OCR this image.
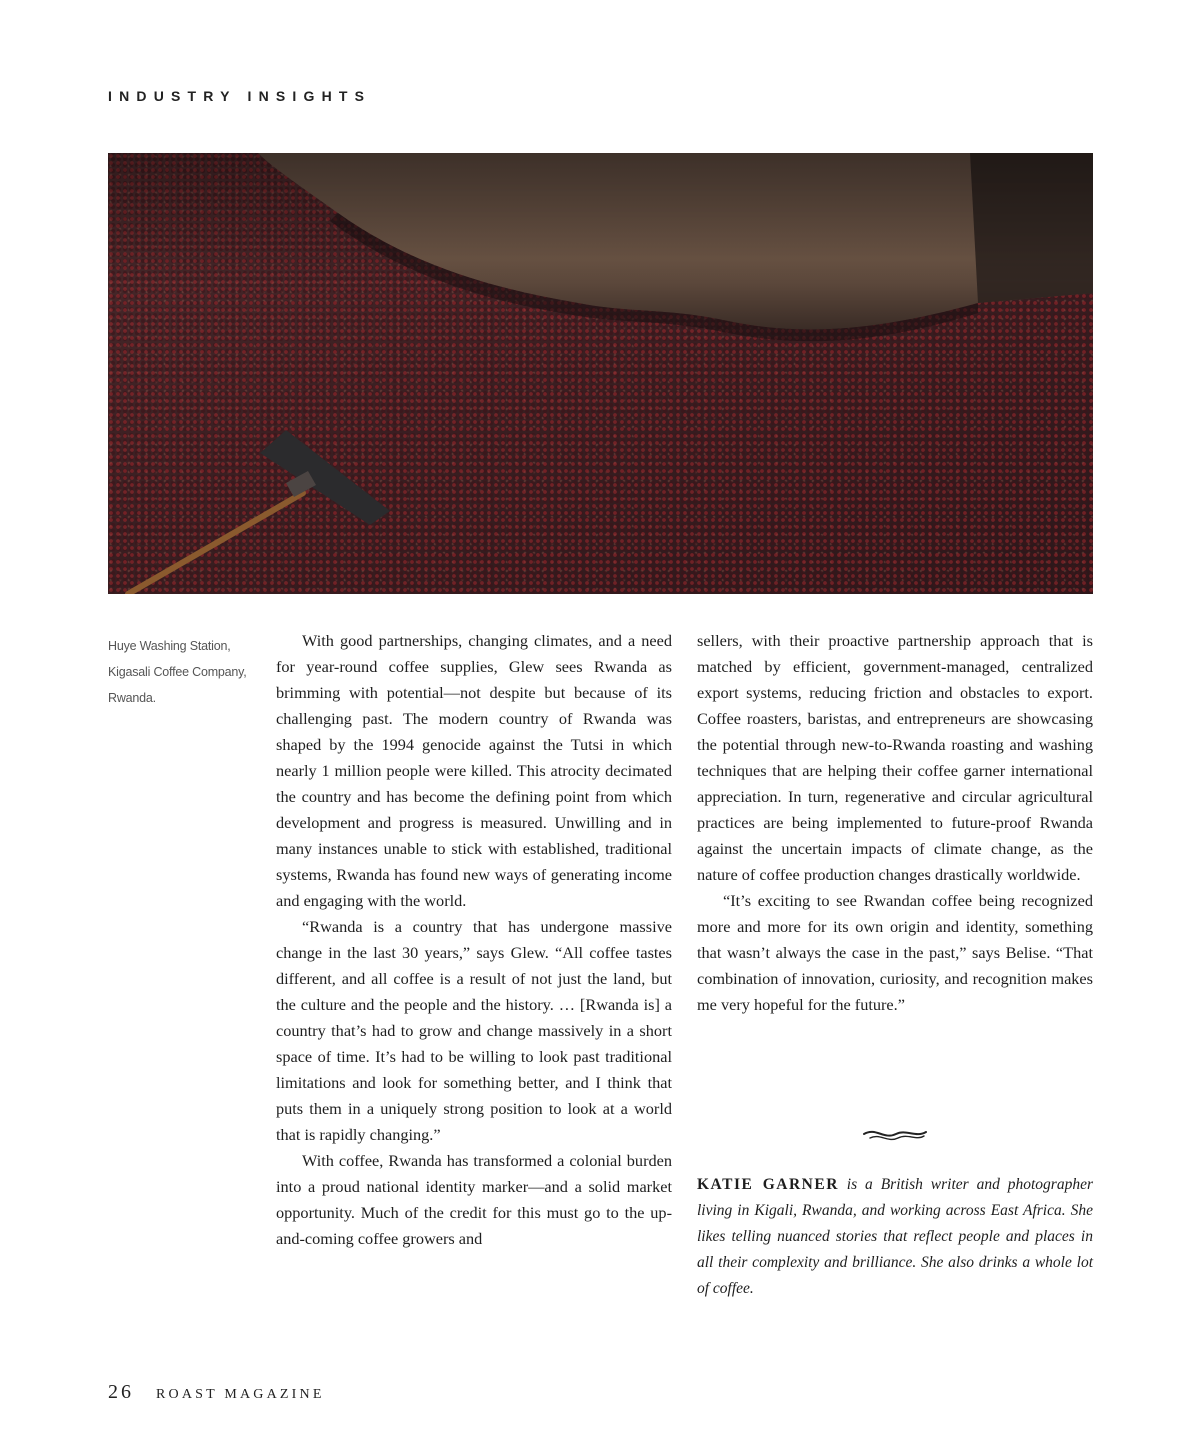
INDUSTRY INSIGHTS
Huye Washing Station,
Kigasali Coffee Company,
Rwanda.

With good partnerships, changing climates, and a need for year-round coffee supplies, Glew sees Rwanda as brimming with potential—not despite but because of its challenging past. The modern country of Rwanda was shaped by the 1994 genocide against the Tutsi in which nearly 1 million people were killed. This atrocity decimated the country and has become the defining point from which development and progress is measured. Unwilling and in many instances unable to stick with established, traditional systems, Rwanda has found new ways of generating income and engaging with the world.

“Rwanda is a country that has undergone massive change in the last 30 years,” says Glew. “All coffee tastes different, and all coffee is a result of not just the land, but the culture and the people and the history. … [Rwanda is] a country that’s had to grow and change massively in a short space of time. It’s had to be willing to look past traditional limitations and look for something better, and I think that puts them in a uniquely strong position to look at a world that is rapidly changing.”

With coffee, Rwanda has transformed a colonial burden into a proud national identity marker—and a solid market opportunity. Much of the credit for this must go to the up-and-coming coffee growers and

sellers, with their proactive partnership approach that is matched by efficient, government-managed, centralized export systems, reducing friction and obstacles to export. Coffee roasters, baristas, and entrepreneurs are showcasing the potential through new-to-Rwanda roasting and washing techniques that are helping their coffee garner international appreciation. In turn, regenerative and circular agricultural practices are being implemented to future-proof Rwanda against the uncertain impacts of climate change, as the nature of coffee production changes drastically worldwide.

“It’s exciting to see Rwandan coffee being recognized more and more for its own origin and identity, something that wasn’t always the case in the past,” says Belise. “That combination of innovation, curiosity, and recognition makes me very hopeful for the future.”

KATIE GARNER is a British writer and photographer living in Kigali, Rwanda, and working across East Africa. She likes telling nuanced stories that reflect people and places in all their complexity and brilliance. She also drinks a whole lot of coffee.
26 ROAST MAGAZINE
